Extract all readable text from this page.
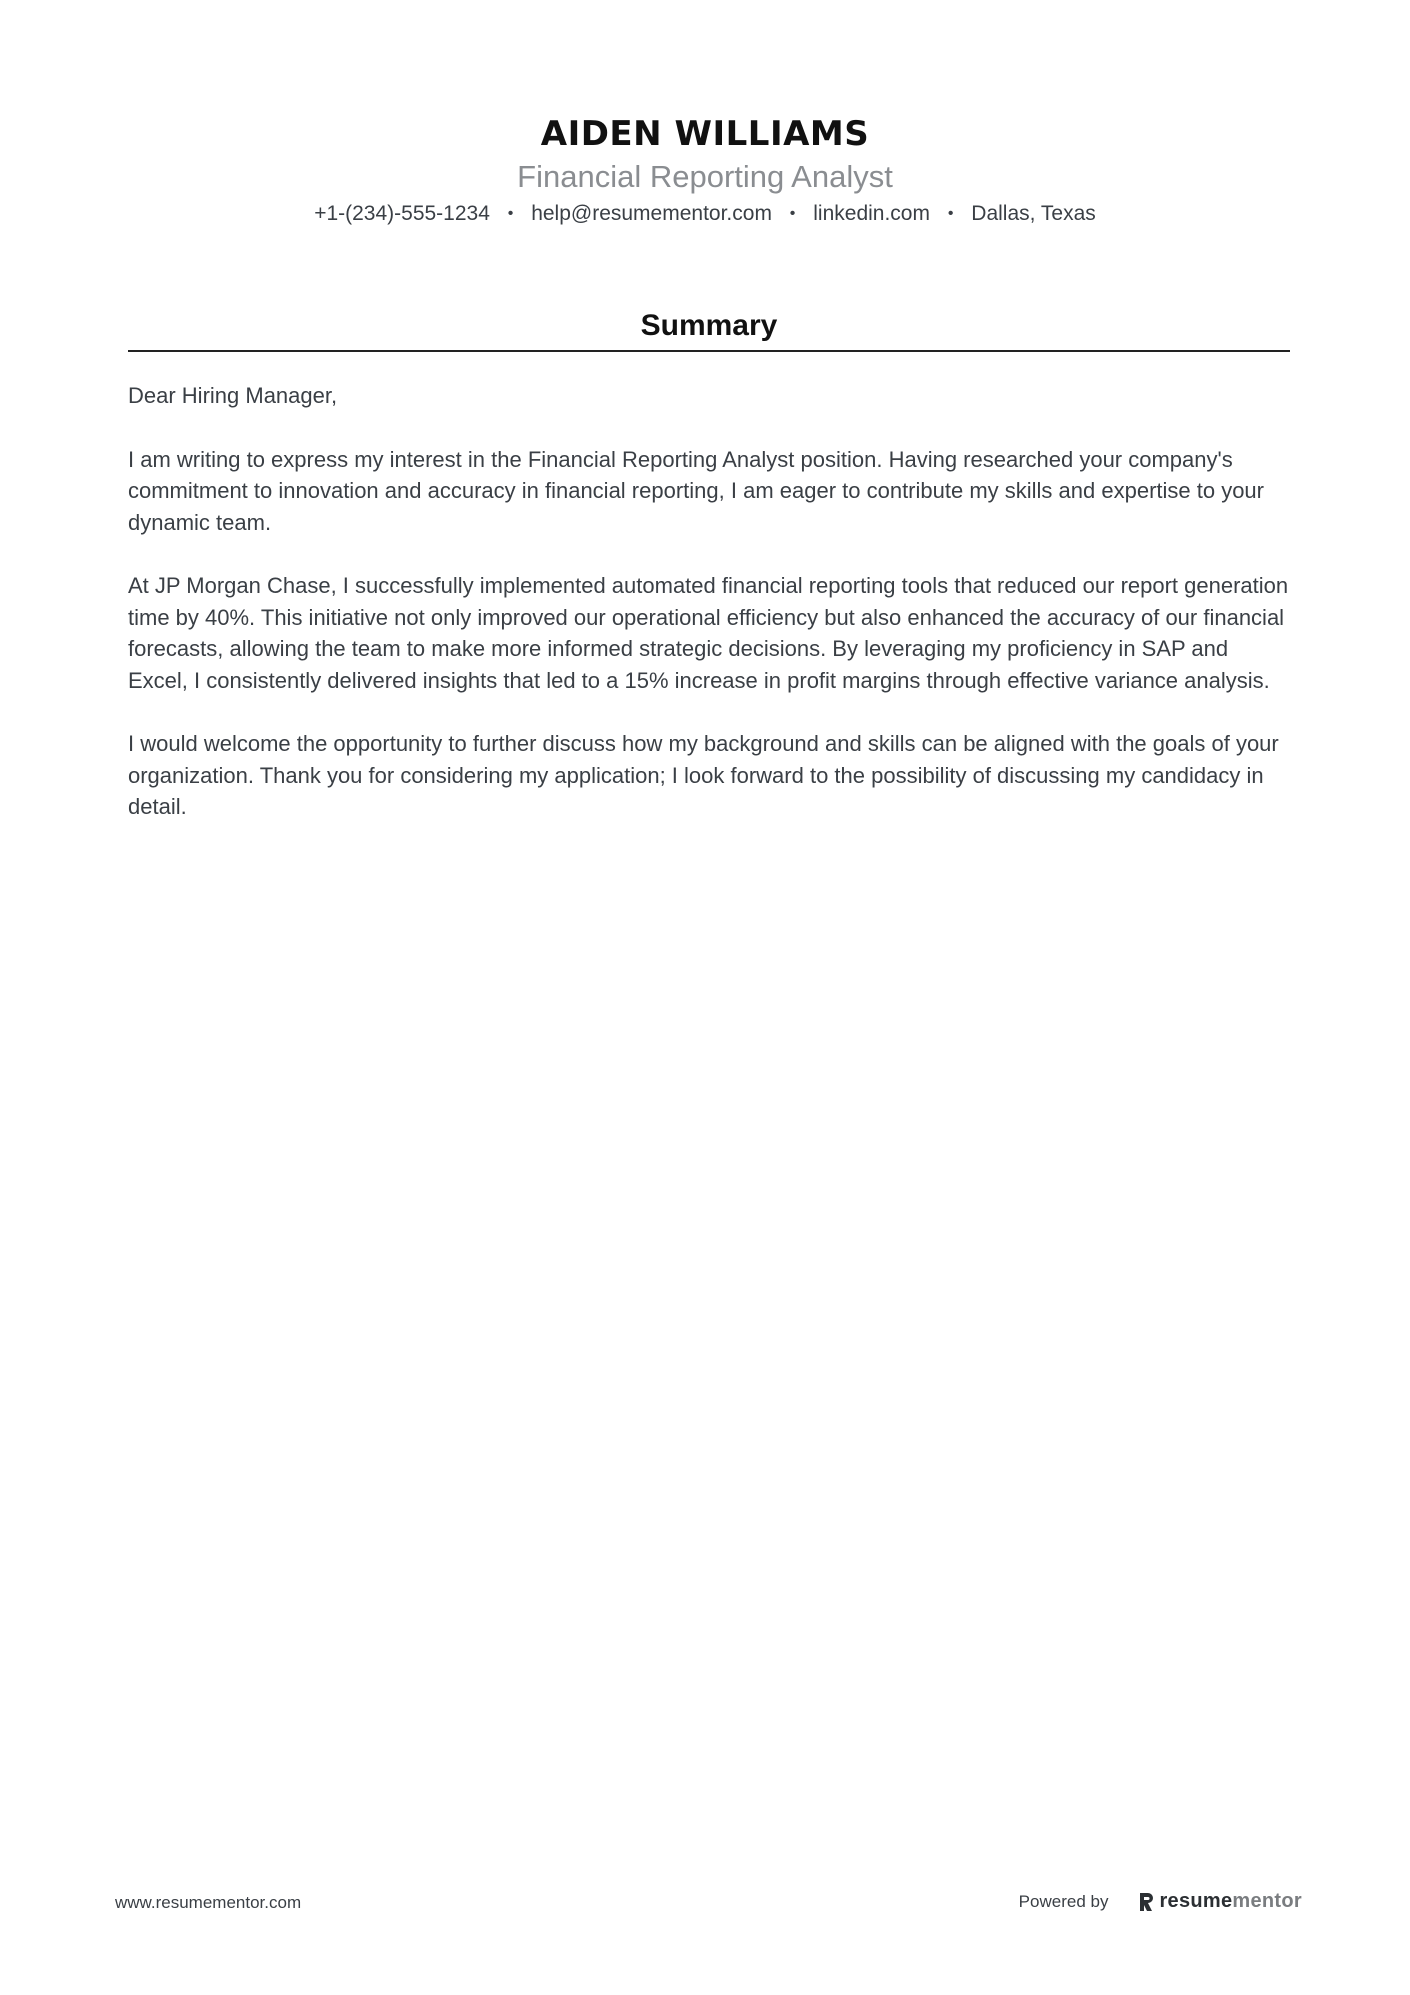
AIDEN WILLIAMS
Financial Reporting Analyst
+1-(234)-555-1234 • help@resumementor.com • linkedin.com • Dallas, Texas
Summary

Dear Hiring Manager,

I am writing to express my interest in the Financial Reporting Analyst position. Having researched your company's commitment to innovation and accuracy in financial reporting, I am eager to contribute my skills and expertise to your dynamic team.

At JP Morgan Chase, I successfully implemented automated financial reporting tools that reduced our report generation time by 40%. This initiative not only improved our operational efficiency but also enhanced the accuracy of our financial forecasts, allowing the team to make more informed strategic decisions. By leveraging my proficiency in SAP and Excel, I consistently delivered insights that led to a 15% increase in profit margins through effective variance analysis.

I would welcome the opportunity to further discuss how my background and skills can be aligned with the goals of your organization. Thank you for considering my application; I look forward to the possibility of discussing my candidacy in detail.

www.resumementor.com	Powered by	resume mentor
